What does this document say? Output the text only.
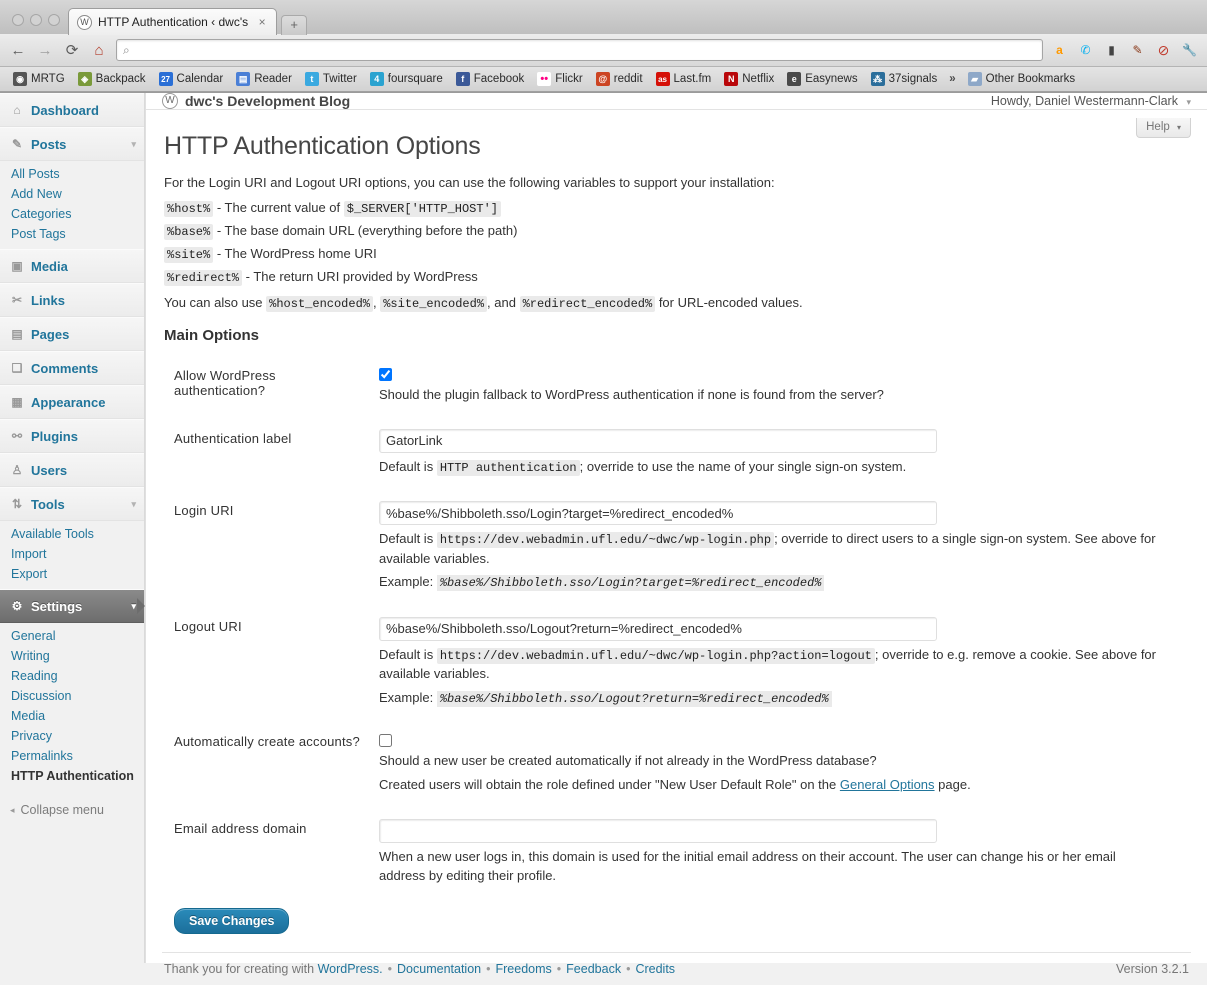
W HTTP Authentication ‹ dwc's ×	+
← → ⟳	⌂	⌕	a	✆	▮	✎	⊘	🔧
◉ MRTG	◈ Backpack	27 Calendar	▤ Reader	t Twitter	4 foursquare	f Facebook •• Flickr @ reddit	as Last.fm	N Netflix	e Easynews ⁂ 37signals	»	▰ Other Bookmarks
⌂ Dashboard
✎ Posts	▾
All Posts
Add New
Categories
Post Tags
▣ Media
✂ Links
▤ Pages
❑ Comments
▦ Appearance
⚯ Plugins
♙ Users
⇅ Tools	▾
Available Tools
Import
Export
⚙ Settings	▾
General
Writing
Reading
Discussion
Media
Privacy
Permalinks
HTTP Authentication
◂ Collapse menu
W dwc's Development Blog	Howdy, Daniel Westermann-Clark ▾
Help ▾
HTTP Authentication Options

For the Login URI and Logout URI options, you can use the following variables to support your installation:

%host% - The current value of $_SERVER['HTTP_HOST']
%base% - The base domain URL (everything before the path)
%site% - The WordPress home URI
%redirect% - The return URI provided by WordPress

You can also use %host_encoded% , %site_encoded% , and %redirect_encoded% for URL-encoded values.

Main Options
Allow WordPress authentication?	Should the plugin fallback to WordPress authentication if none is found from the server?

Authentication label	GatorLink
Default is HTTP authentication ; override to use the name of your single sign-on system.

Login URI	%base%/Shibboleth.sso/Login?target=%redirect_encoded%
Default is https://dev.webadmin.ufl.edu/~dwc/wp-login.php ; override to direct users to a single sign-on system. See above for available variables.
Example: %base%/Shibboleth.sso/Login?target=%redirect_encoded%

Logout URI	%base%/Shibboleth.sso/Logout?return=%redirect_encoded%
Default is https://dev.webadmin.ufl.edu/~dwc/wp-login.php?action=logout ; override to e.g. remove a cookie. See above for available variables.
Example: %base%/Shibboleth.sso/Logout?return=%redirect_encoded%

Automatically create accounts?	Should a new user be created automatically if not already in the WordPress database?
Created users will obtain the role defined under "New User Default Role" on the General Options page.

Email address domain	When a new user logs in, this domain is used for the initial email address on their account. The user can change his or her email address by editing their profile.
Save Changes
Thank you for creating with
WordPress. • Documentation • Freedoms • Feedback • Credits	Version 3.2.1
